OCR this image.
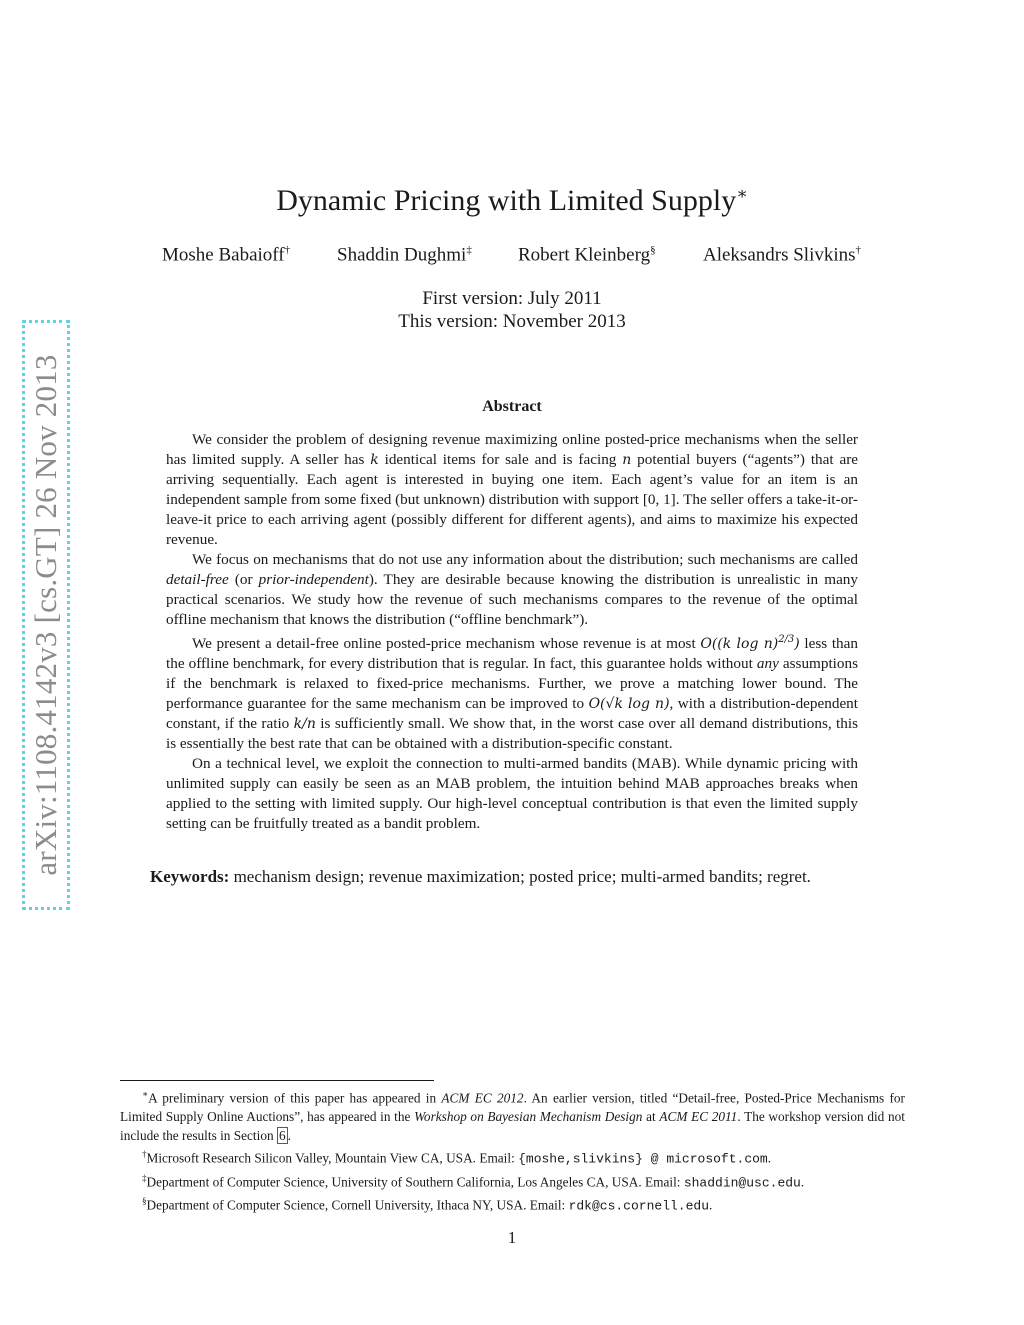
arXiv:1108.4142v3 [cs.GT] 26 Nov 2013
Dynamic Pricing with Limited Supply∗
Moshe Babaioff† Shaddin Dughmi‡ Robert Kleinberg§ Aleksandrs Slivkins†
First version: July 2011
This version: November 2013
Abstract

We consider the problem of designing revenue maximizing online posted-price mechanisms when the seller has limited supply. A seller has k identical items for sale and is facing n potential buyers (“agents”) that are arriving sequentially. Each agent is interested in buying one item. Each agent’s value for an item is an independent sample from some fixed (but unknown) distribution with support [0, 1]. The seller offers a take-it-or-leave-it price to each arriving agent (possibly different for different agents), and aims to maximize his expected revenue.

We focus on mechanisms that do not use any information about the distribution; such mechanisms are called detail-free (or prior-independent). They are desirable because knowing the distribution is unrealistic in many practical scenarios. We study how the revenue of such mechanisms compares to the revenue of the optimal offline mechanism that knows the distribution (“offline benchmark”).

We present a detail-free online posted-price mechanism whose revenue is at most O((k log n)$^{2/3}$) less than the offline benchmark, for every distribution that is regular. In fact, this guarantee holds without any assumptions if the benchmark is relaxed to fixed-price mechanisms. Further, we prove a matching lower bound. The performance guarantee for the same mechanism can be improved to O(√k log n), with a distribution-dependent constant, if the ratio k/n is sufficiently small. We show that, in the worst case over all demand distributions, this is essentially the best rate that can be obtained with a distribution-specific constant.

On a technical level, we exploit the connection to multi-armed bandits (MAB). While dynamic pricing with unlimited supply can easily be seen as an MAB problem, the intuition behind MAB approaches breaks when applied to the setting with limited supply. Our high-level conceptual contribution is that even the limited supply setting can be fruitfully treated as a bandit problem.

Keywords: mechanism design; revenue maximization; posted price; multi-armed bandits; regret.

∗A preliminary version of this paper has appeared in ACM EC 2012. An earlier version, titled “Detail-free, Posted-Price Mechanisms for Limited Supply Online Auctions”, has appeared in the Workshop on Bayesian Mechanism Design at ACM EC 2011. The workshop version did not include the results in Section 6 .

†Microsoft Research Silicon Valley, Mountain View CA, USA. Email: {moshe,slivkins} @ microsoft.com.

‡Department of Computer Science, University of Southern California, Los Angeles CA, USA. Email: shaddin@usc.edu.

§Department of Computer Science, Cornell University, Ithaca NY, USA. Email: rdk@cs.cornell.edu.

1
